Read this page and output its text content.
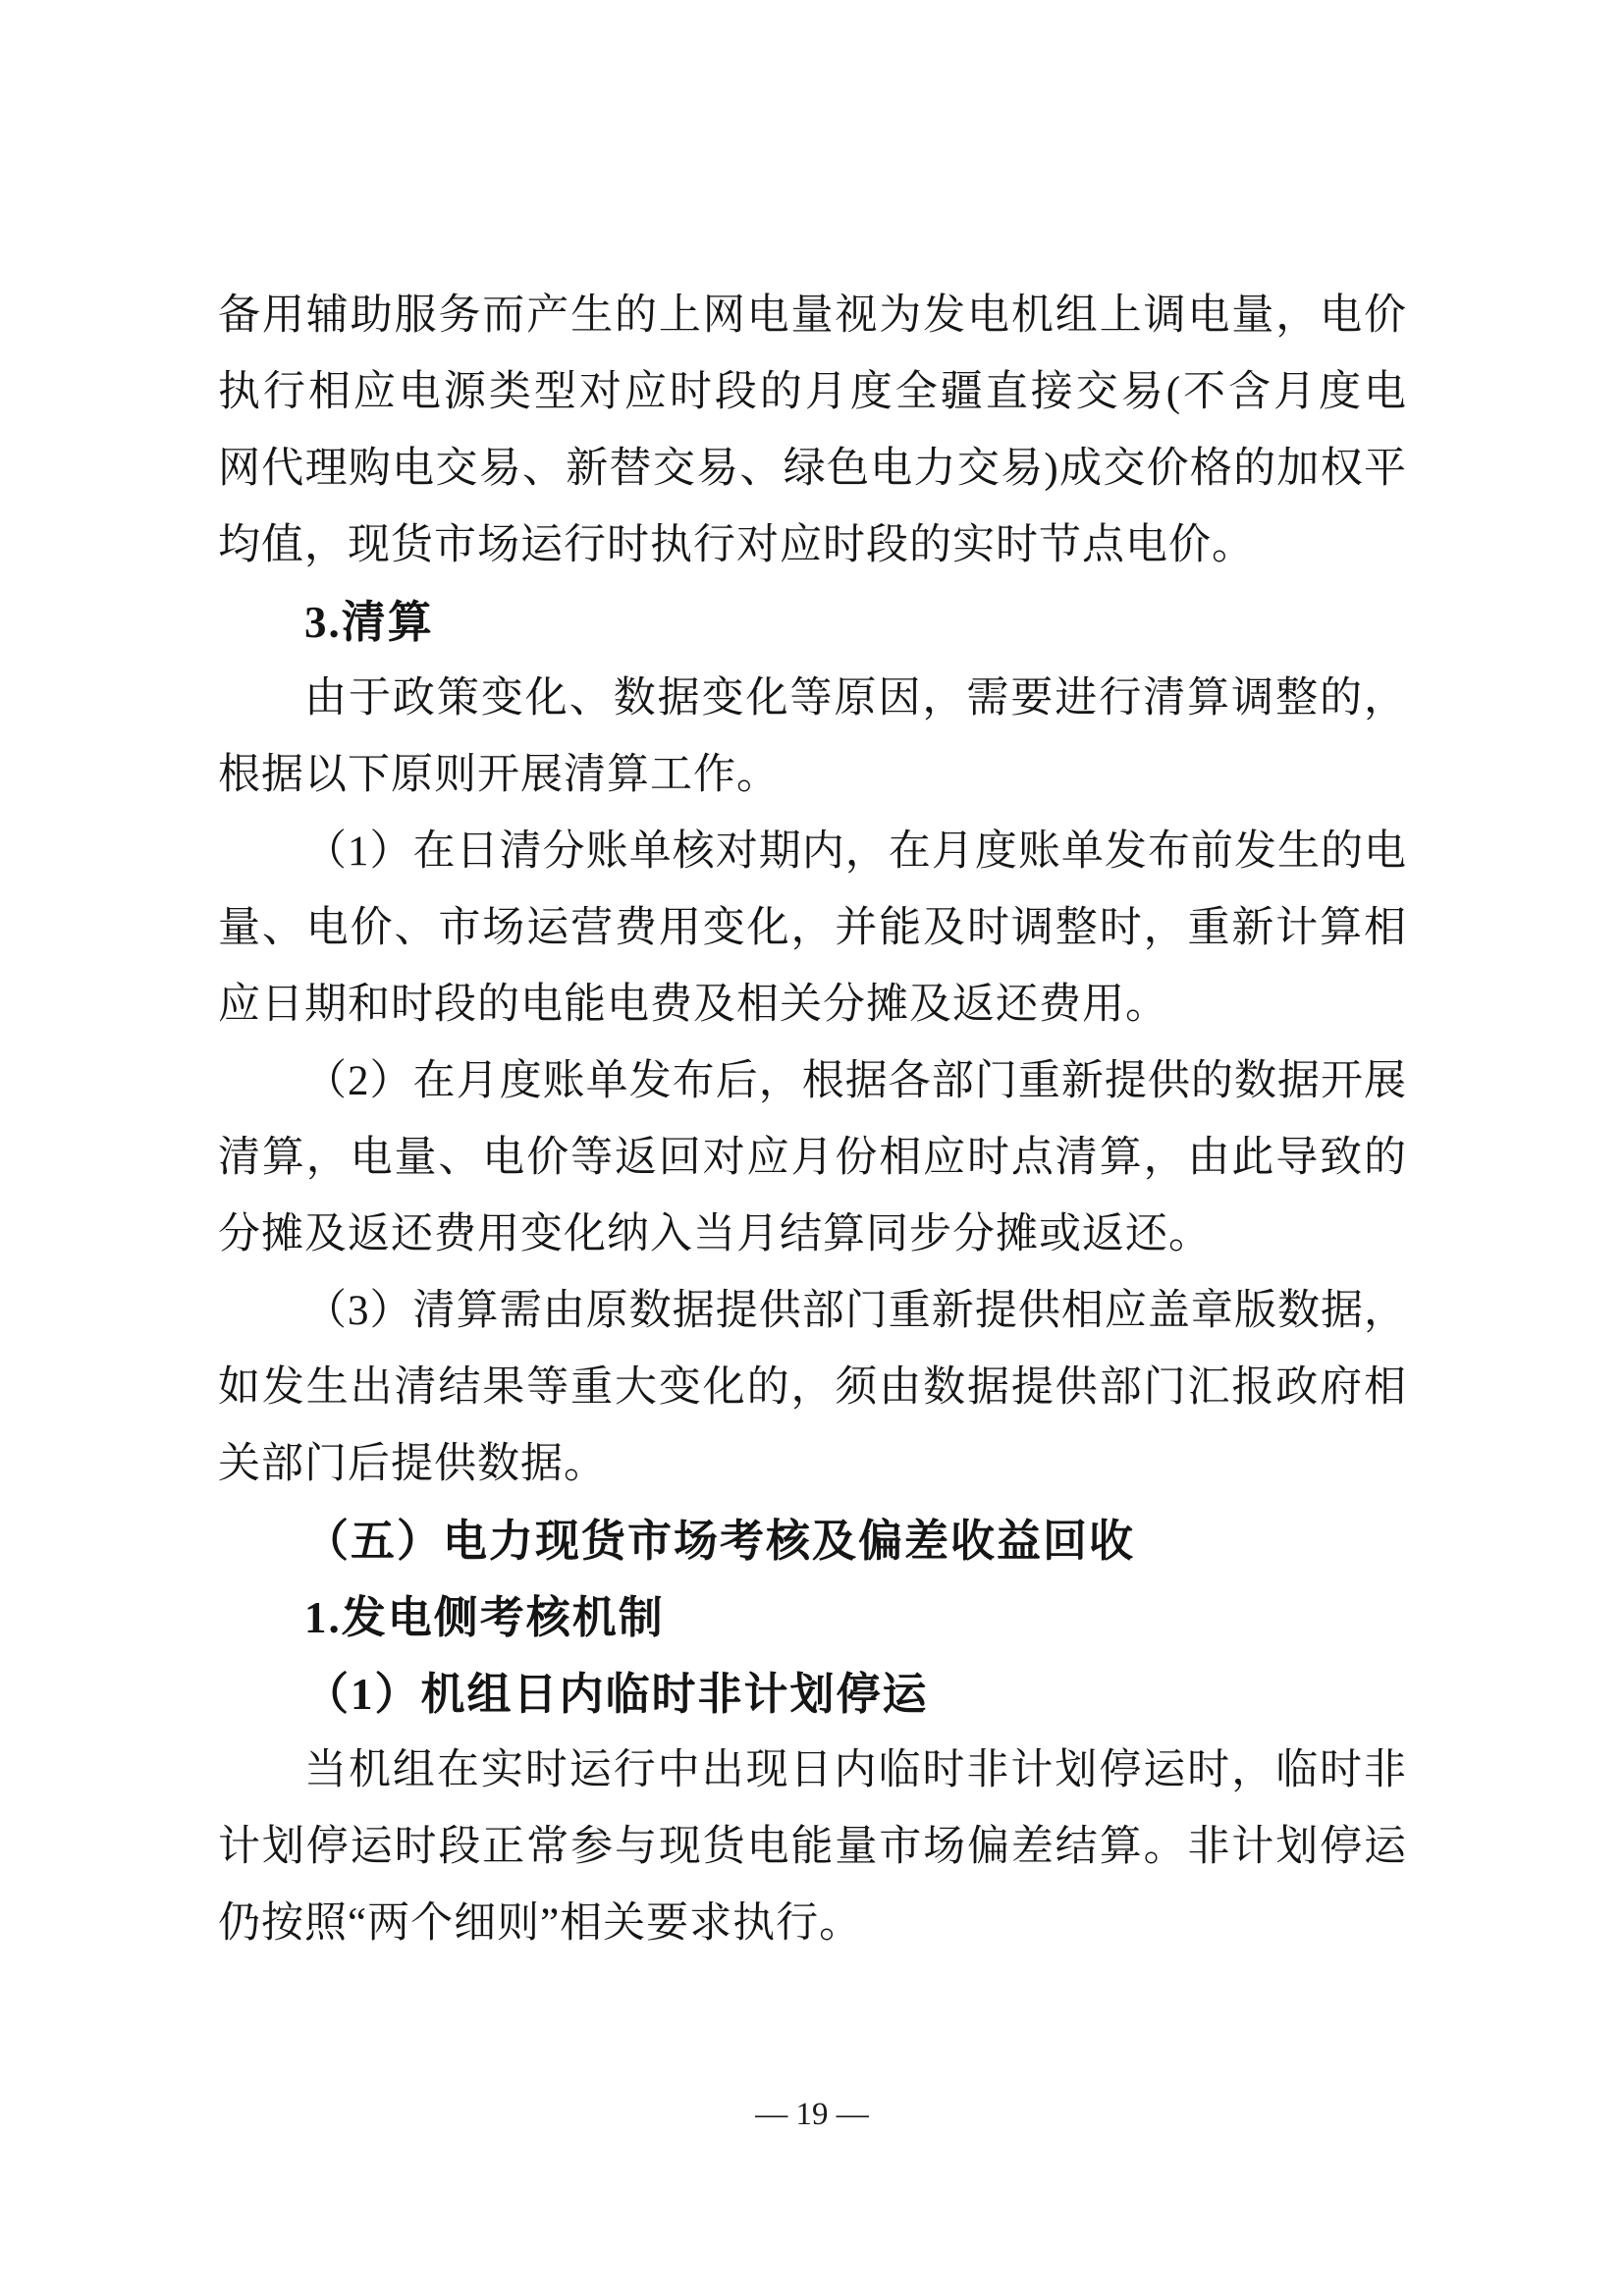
备用辅助服务而产生的上网电量视为发电机组上调电量，电价
执行相应电源类型对应时段的月度全疆直接交易(不含月度电
网代理购电交易、新替交易、绿色电力交易)成交价格的加权平
均值，现货市场运行时执行对应时段的实时节点电价。
3.清算
由于政策变化、数据变化等原因，需要进行清算调整的，
根据以下原则开展清算工作。
（1）在日清分账单核对期内，在月度账单发布前发生的电
量、电价、市场运营费用变化，并能及时调整时，重新计算相
应日期和时段的电能电费及相关分摊及返还费用。
（2）在月度账单发布后，根据各部门重新提供的数据开展
清算，电量、电价等返回对应月份相应时点清算，由此导致的
分摊及返还费用变化纳入当月结算同步分摊或返还。
（3）清算需由原数据提供部门重新提供相应盖章版数据，
如发生出清结果等重大变化的，须由数据提供部门汇报政府相
关部门后提供数据。
（五）电力现货市场考核及偏差收益回收
1.发电侧考核机制
（1）机组日内临时非计划停运
当机组在实时运行中出现日内临时非计划停运时，临时非
计划停运时段正常参与现货电能量市场偏差结算。非计划停运
仍按照“两个细则”相关要求执行。
— 19 —
